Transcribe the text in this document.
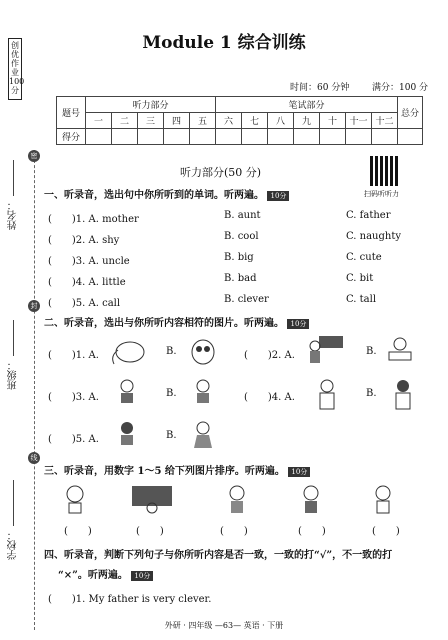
创优作业100分
密
封
线
姓名：
班级：
学校：
Module 1 综合训练
时间：60 分钟	满分：100 分
题号	听力部分					笔试部分							总分
	一	二	三	四	五	六	七	八	九	十	十一	十二	
得分													
听力部分(50 分)
扫码听听力
一、听录音，选出句中你所听到的单词。听两遍。 10分
(　　)1. A. mother	B. aunt	C. father
(　　)2. A. shy	B. cool	C. naughty
(　　)3. A. uncle	B. big	C. cute
(　　)4. A. little	B. bad	C. bit
(　　)5. A. call	B. clever	C. tall
二、听录音，选出与你所听内容相符的图片。听两遍。 10分
(　　)1. A.	B.	(　　)2. A.	B.
(　　)3. A.	B.	(　　)4. A.	B.
(　　)5. A.	B.
三、听录音，用数字 1～5 给下列图片排序。听两遍。 10分
(　　)	(　　)	(　　)	(　　)	(　　)
四、听录音，判断下列句子与你所听内容是否一致，一致的打“√”，不一致的打
“×”。听两遍。 10分
(　　)1. My father is very clever.
外研 · 四年级 —63— 英语 · 下册
